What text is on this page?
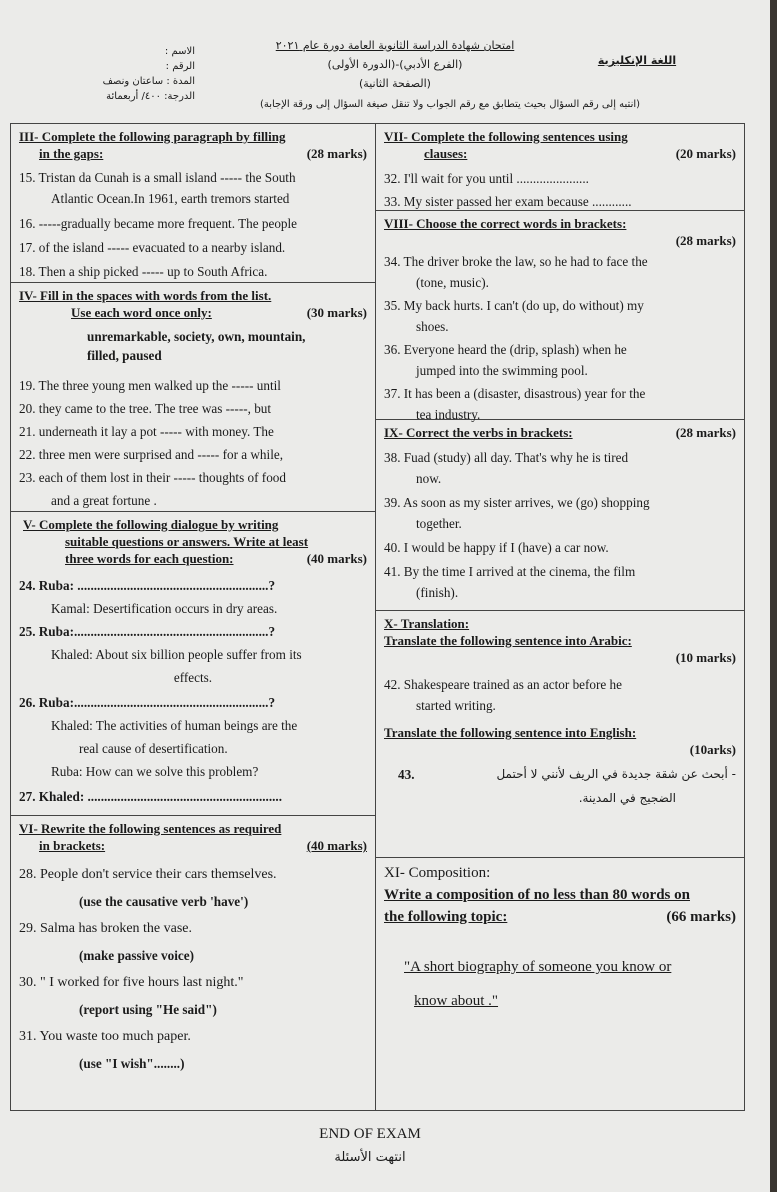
امتحان شهادة الدراسة الثانوية العامة دورة عام ٢٠٢١
(الفرع الأدبي)-(الدورة الأولى)
(الصفحة الثانية)
الاسم :
الرقم :
المدة : ساعتان ونصف
الدرجة: ٤٠٠/ أربعمائة
اللغة الإنكليزية
(انتبه إلى رقم السؤال بحيث يتطابق مع رقم الجواب ولا تنقل صيغة السؤال إلى ورقة الإجابة)
III- Complete the following paragraph by filling
in the gaps:	(28 marks)
15. Tristan da Cunah is a small island ----- the South
Atlantic Ocean.In 1961, earth tremors started
16. -----gradually became more frequent. The people
17. of the island ----- evacuated to a nearby island.
18. Then a ship picked ----- up to South Africa.
IV- Fill in the spaces with words from the list.
Use each word once only:	(30 marks)
unremarkable, society, own, mountain,
filled, paused
19. The three young men walked up the ----- until
20. they came to the tree. The tree was -----, but
21. underneath it lay a pot ----- with money. The
22. three men were surprised and ----- for a while,
23. each of them lost in their ----- thoughts of food
and a great fortune .
V- Complete the following dialogue by writing
suitable questions or answers. Write at least
three words for each question:	(40 marks)
24. Ruba: ..........................................................?
Kamal: Desertification occurs in dry areas.
25. Ruba:...........................................................?
Khaled: About six billion people suffer from its
effects.
26. Ruba:...........................................................?
Khaled: The activities of human beings are the
real cause of desertification.
Ruba: How can we solve this problem?
27. Khaled: ...........................................................
VI- Rewrite the following sentences as required
in brackets:	(40 marks)
28. People don't service their cars themselves.
(use the causative verb 'have')
29. Salma has broken the vase.
(make passive voice)
30. " I worked for five hours last night."
(report using "He said")
31. You waste too much paper.
(use "I wish"........)
VII- Complete the following sentences using
clauses:	(20 marks)
32. I'll wait for you until ......................
33. My sister passed her exam because ............
VIII- Choose the correct words in brackets:
(28 marks)
34. The driver broke the law, so he had to face the
(tone, music).
35. My back hurts. I can't (do up, do without) my
shoes.
36. Everyone heard the (drip, splash) when he
jumped into the swimming pool.
37. It has been a (disaster, disastrous) year for the
tea industry.
IX- Correct the verbs in brackets:	(28 marks)
38. Fuad (study) all day. That's why he is tired
now.
39. As soon as my sister arrives, we (go) shopping
together.
40. I would be happy if I (have) a car now.
41. By the time I arrived at the cinema, the film
(finish).
X- Translation:
Translate the following sentence into Arabic:
(10 marks)
42. Shakespeare trained as an actor before he
started writing.
Translate the following sentence into English:
(10arks)
43.	- أبحث عن شقة جديدة في الريف لأنني لا أحتمل
الضجيج في المدينة.
XI- Composition:
(66 marks)
Write a composition of no less than 80 words on
the following topic:
"A short biography of someone you know or
know about ."
END OF EXAM
انتهت الأسئلة
